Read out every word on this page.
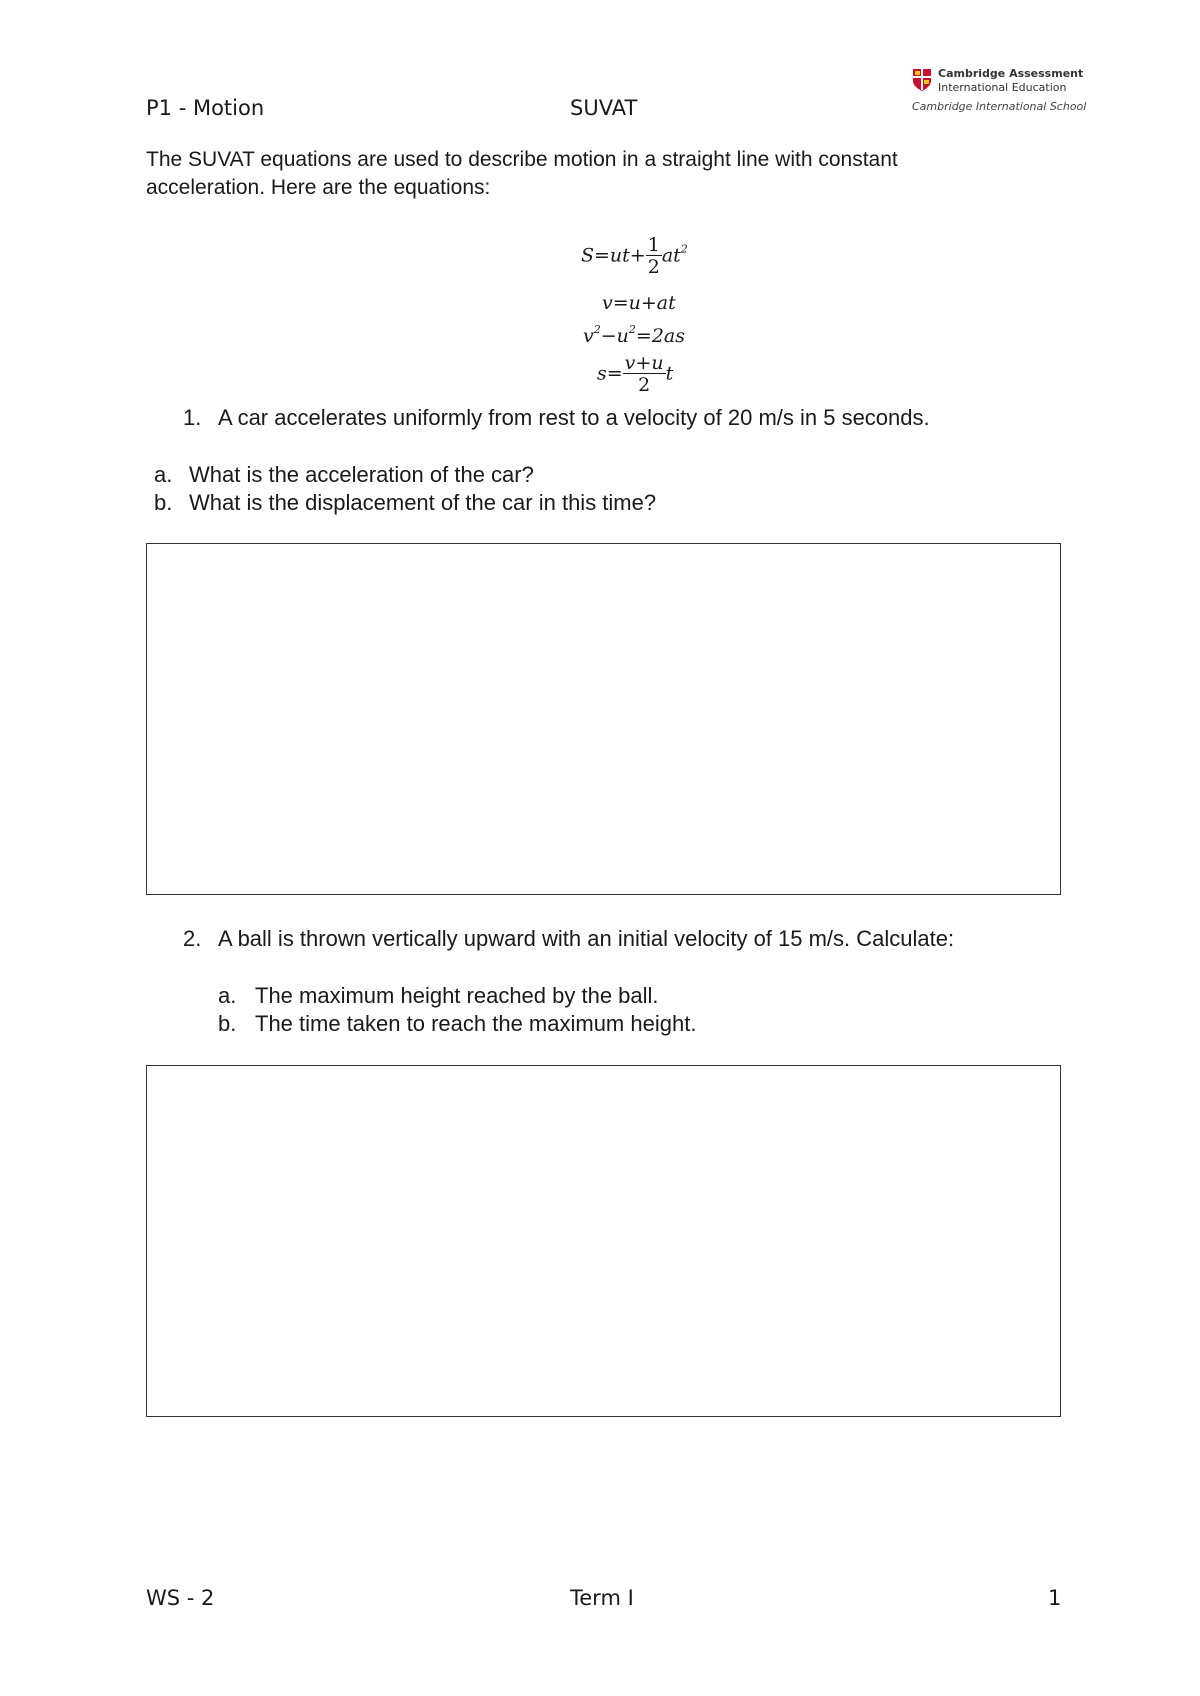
P1 - Motion	SUVAT
Cambridge Assessment
International Education
Cambridge International School
The SUVAT equations are used to describe motion in a straight line with constant
acceleration. Here are the equations:
$S=ut+ \frac{1}{2} at^2$
v=u+at
$v^2-u^2=2as$
$s= \frac{v+u}{2}$ t
1. A car accelerates uniformly from rest to a velocity of 20 m/s in 5 seconds.
a. What is the acceleration of the car?
b. What is the displacement of the car in this time?
2. A ball is thrown vertically upward with an initial velocity of 15 m/s. Calculate:
a. The maximum height reached by the ball.
b. The time taken to reach the maximum height.
WS - 2	Term I	1
